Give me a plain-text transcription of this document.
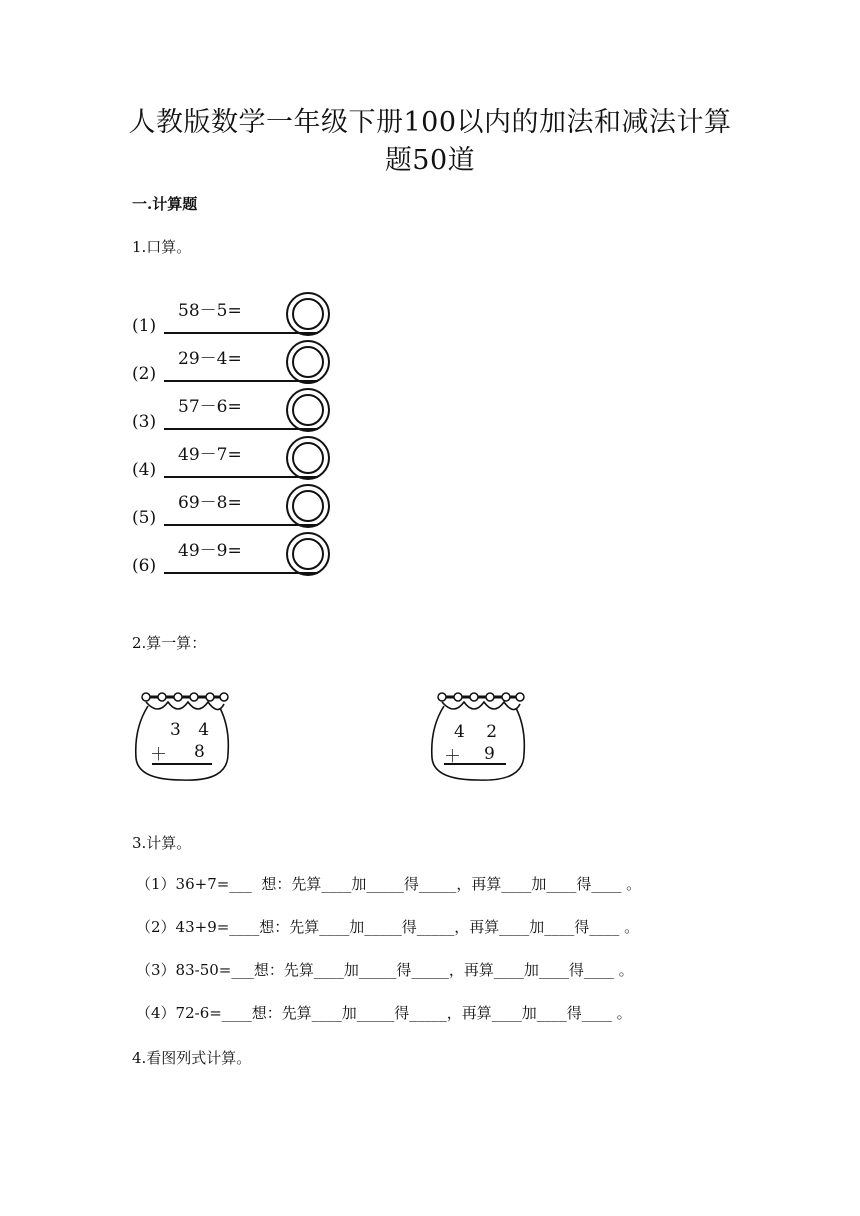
人教版数学一年级下册100以内的加法和减法计算
题50道
一.计算题
1.口算。
(1)
58－5=
(2)
29－4=
(3)
57－6=
(4)
49－7=
(5)
69－8=
(6)
49－9=
2.算一算：
3 4
＋ 8
4 2
＋ 9
3.计算。
（1）36+7=___  想：先算____加_____得_____，再算____加____得____ 。
（2）43+9=____想：先算____加_____得_____，再算____加____得____ 。
（3）83-50=___想：先算____加_____得_____，再算____加____得____ 。
（4）72-6=____想：先算____加_____得_____，再算____加____得____ 。
4.看图列式计算。
